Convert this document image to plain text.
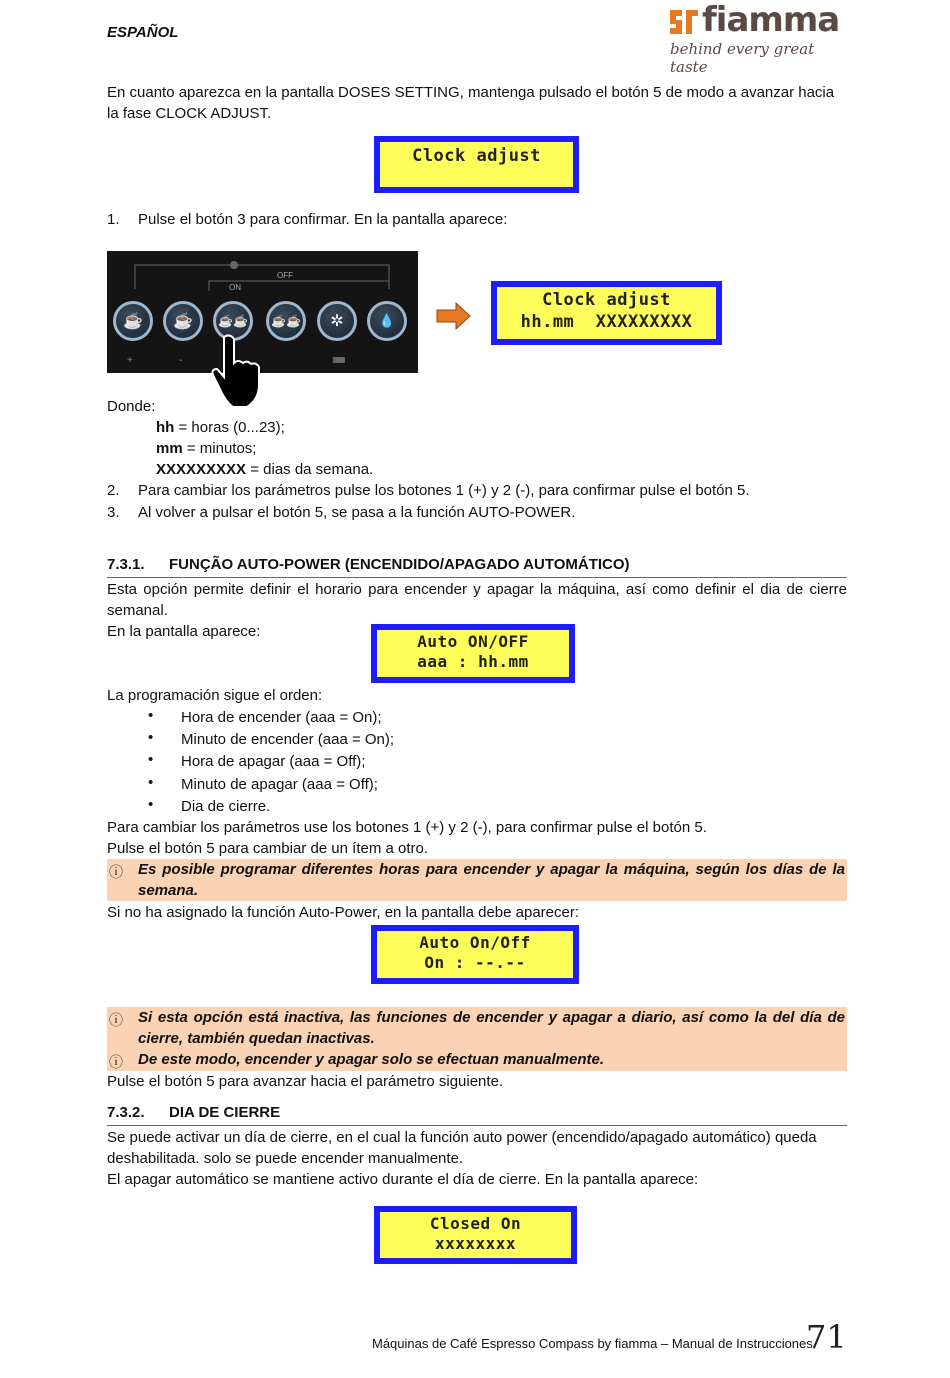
ESPAÑOL	fiamma
behind every great taste
En cuanto aparezca en la pantalla DOSES SETTING, mantenga pulsado el botón 5 de modo a avanzar hacia la fase CLOCK ADJUST.
Clock adjust
1. Pulse el botón 3 para confirmar. En la pantalla aparece:
OFF
ON
☕ ☕ ☕☕ ☕☕ ✲	💧
+	-
Clock adjust
hh.mm  XXXXXXXXX
Donde:
hh = horas (0...23);
mm = minutos;
XXXXXXXXX = dias da semana.
2. Para cambiar los parámetros pulse los botones 1 (+) y 2 (-), para confirmar pulse el botón 5.
3. Al volver a pulsar el botón 5, se pasa a la función AUTO-POWER.
7.3.1. FUNÇÃO AUTO-POWER (ENCENDIDO/APAGADO AUTOMÁTICO)
Esta opción permite definir el horario para encender y apagar la máquina, así como definir el dia de cierre semanal.
En la pantalla aparece:
Auto ON/OFF
aaa : hh.mm
La programación sigue el orden:
• Hora de encender (aaa = On);
• Minuto de encender (aaa = On);
• Hora de apagar (aaa = Off);
• Minuto de apagar (aaa = Off);
• Dia de cierre.
Para cambiar los parámetros use los botones 1 (+) y 2 (-), para confirmar pulse el botón 5.
Pulse el botón 5 para cambiar de un ítem a otro.
ⓘ Es posible programar diferentes horas para encender y apagar la máquina, según los días de la semana.
Si no ha asignado la función Auto-Power, en la pantalla debe aparecer:
Auto On/Off
On : --.--
ⓘ Si esta opción está inactiva, las funciones de encender y apagar a diario, así como la del día de cierre, también quedan inactivas.
ⓘ De este modo, encender y apagar solo se efectuan manualmente.
Pulse el botón 5 para avanzar hacia el parámetro siguiente.
7.3.2. DIA DE CIERRE
Se puede activar un día de cierre, en el cual la función auto power (encendido/apagado automático) queda deshabilitada. solo se puede encender manualmente.
El apagar automático se mantiene activo durante el día de cierre. En la pantalla aparece:
Closed On
xxxxxxxx
Máquinas de Café Espresso Compass by fiamma – Manual de Instrucciones
71
